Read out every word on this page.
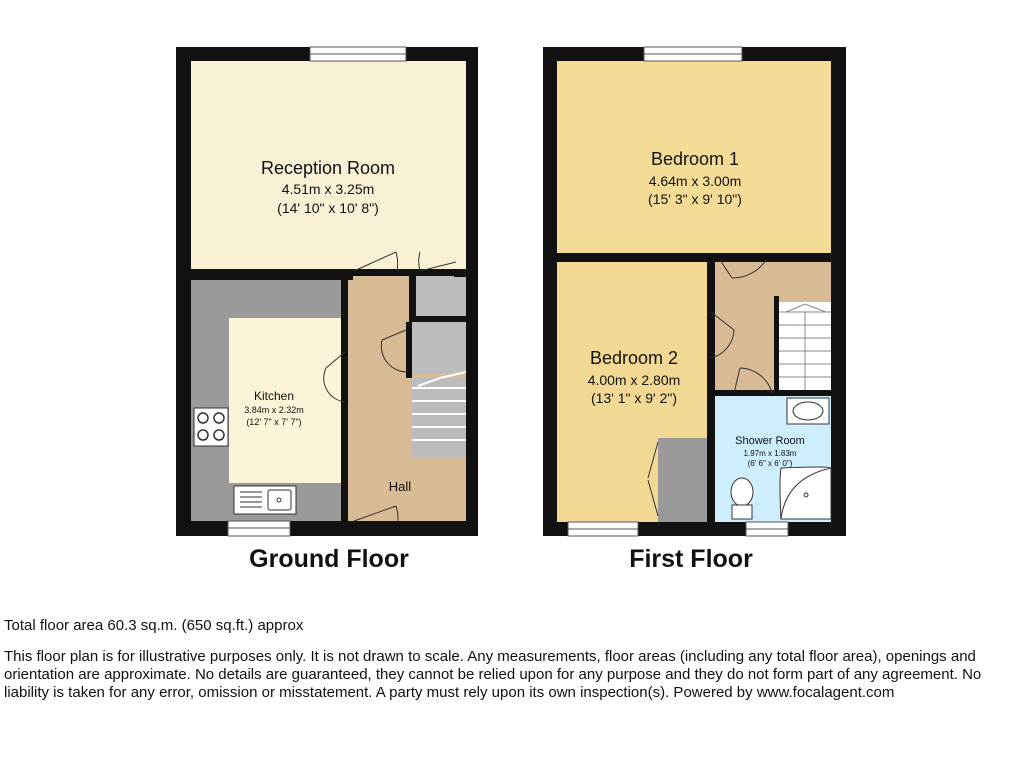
Reception Room
4.51m x 3.25m
(14' 10" x 10' 8")
Kitchen
3.84m x 2.32m
(12' 7" x 7' 7")
Hall
Ground Floor
Bedroom 1
4.64m x 3.00m
(15' 3" x 9' 10")
Bedroom 2
4.00m x 2.80m
(13' 1" x 9' 2")
Shower Room
1.97m x 1.83m
(6' 6" x 6' 0")
First Floor
Total floor area 60.3 sq.m. (650 sq.ft.) approx
This floor plan is for illustrative purposes only. It is not drawn to scale. Any measurements, floor areas (including any total floor area), openings and orientation are approximate. No details are guaranteed, they cannot be relied upon for any purpose and they do not form part of any agreement. No liability is taken for any error, omission or misstatement. A party must rely upon its own inspection(s). Powered by www.focalagent.com
